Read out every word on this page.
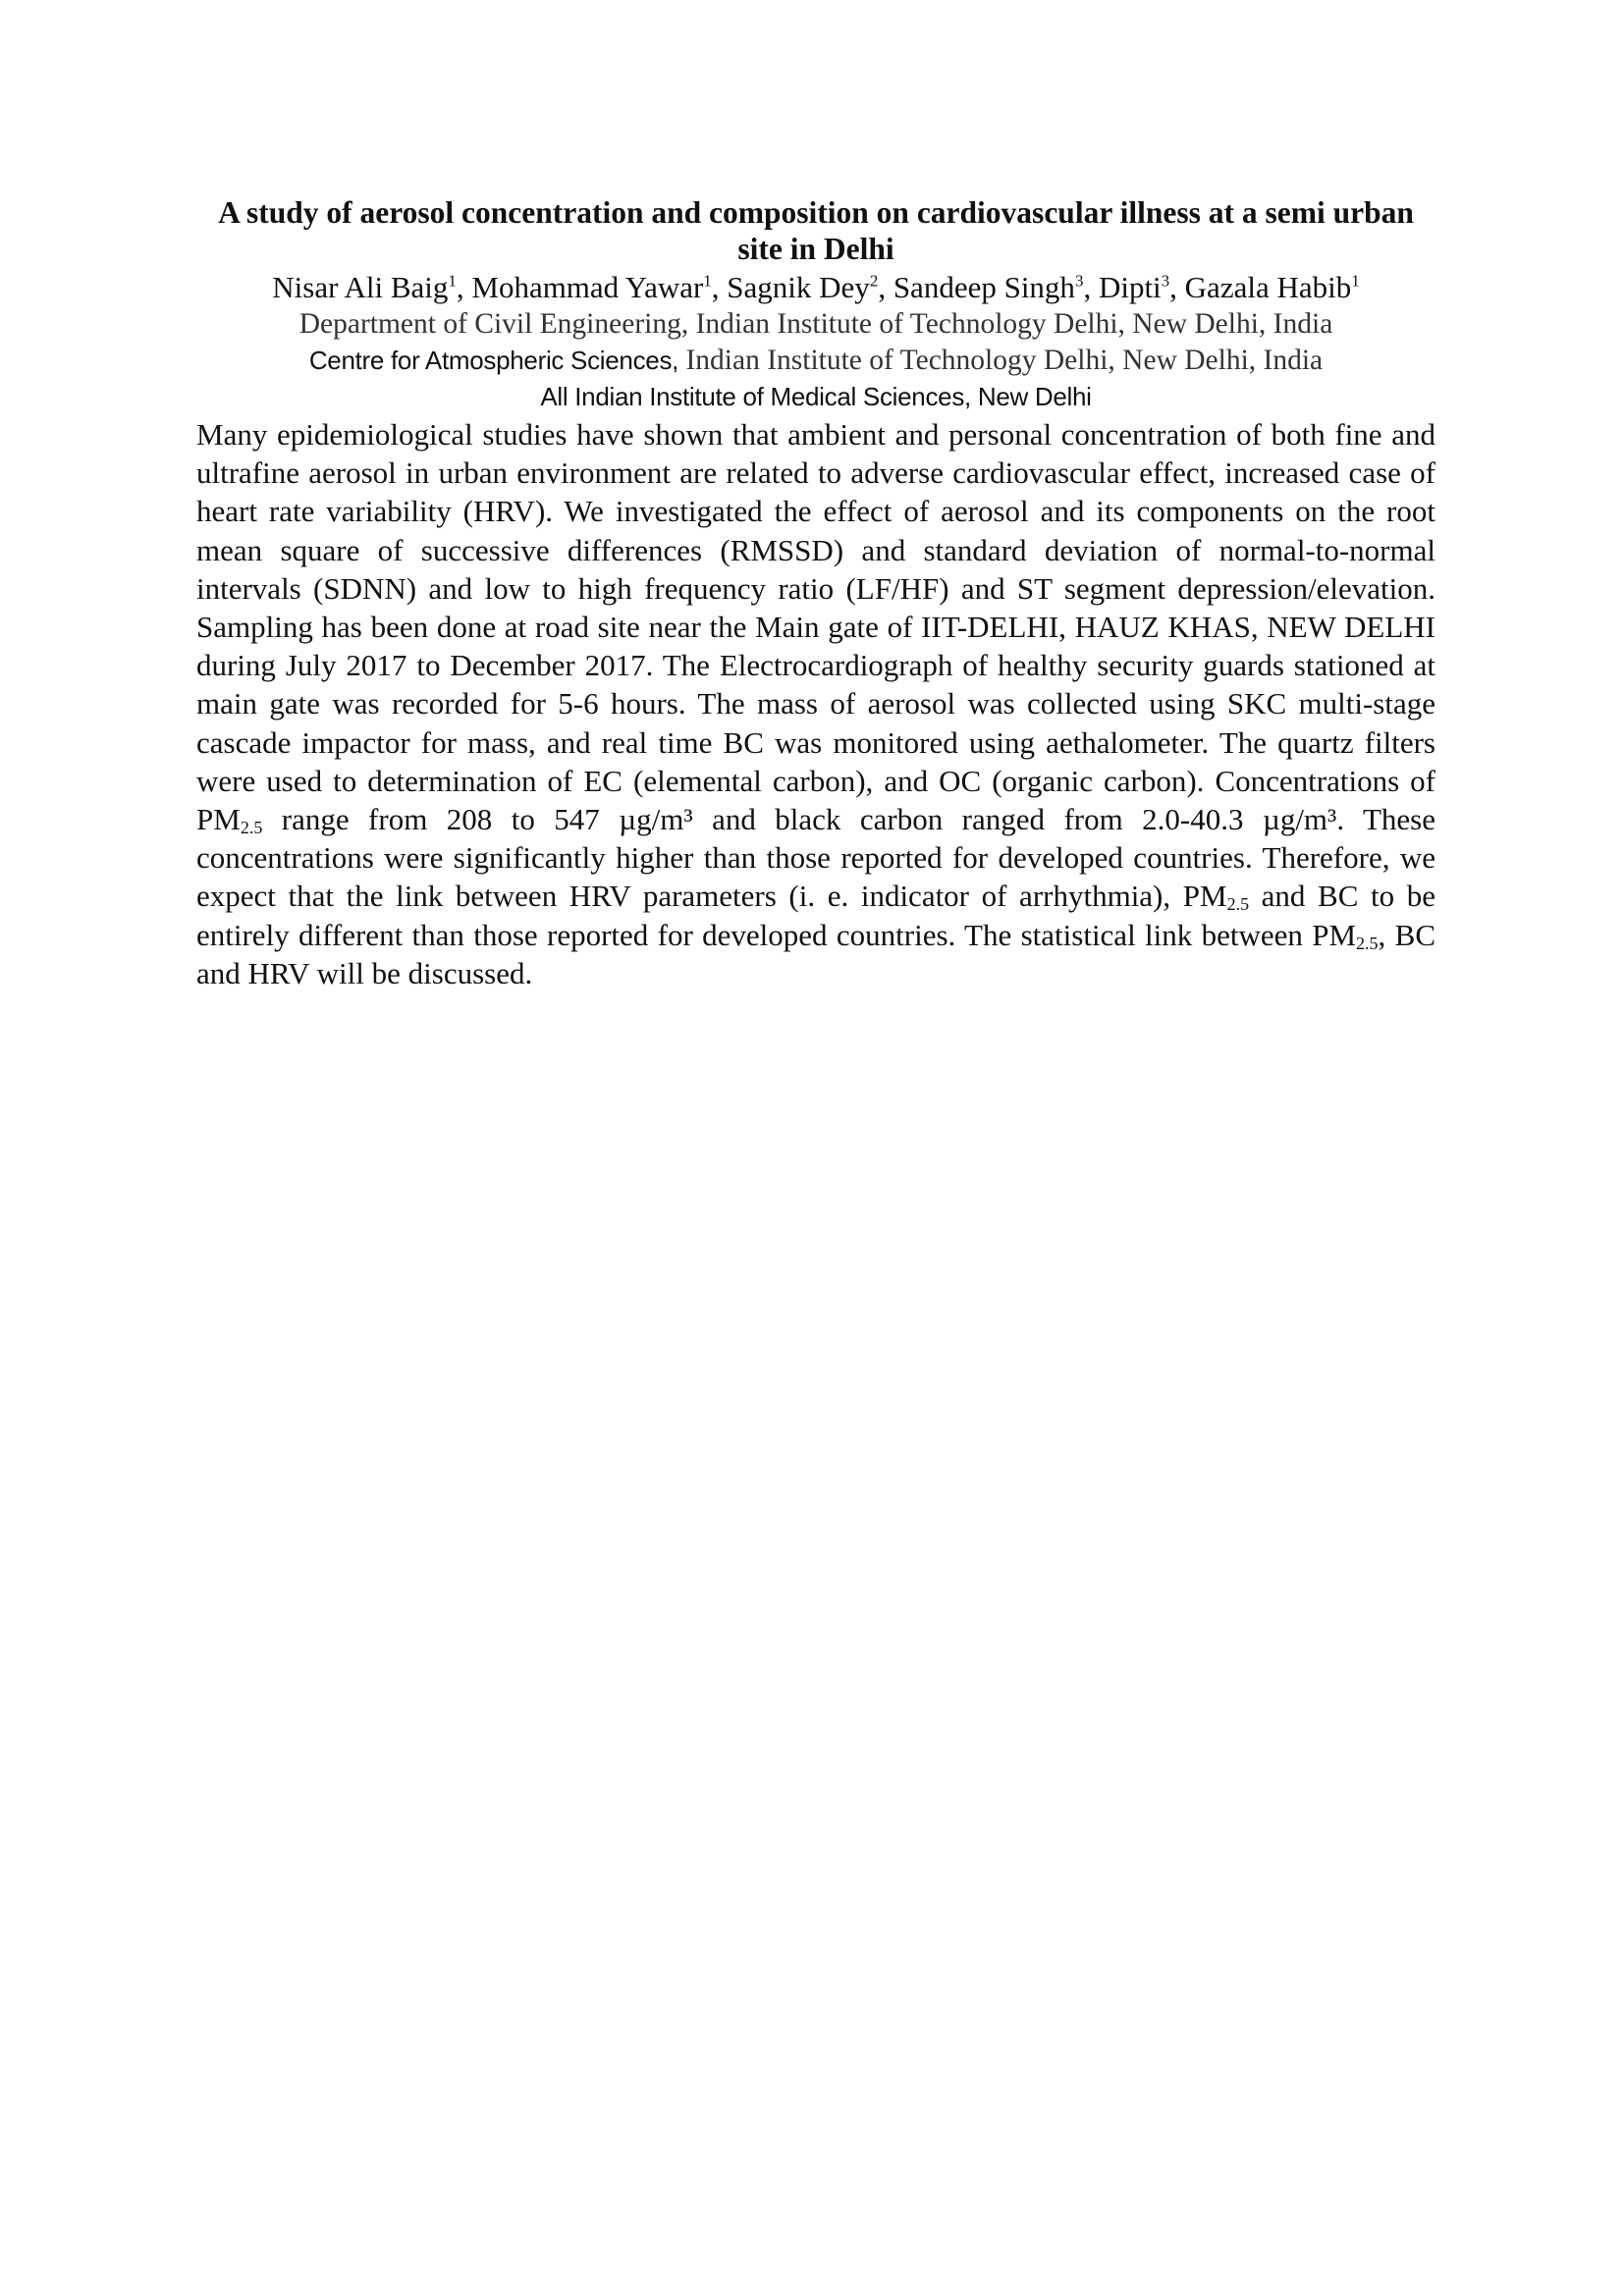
A study of aerosol concentration and composition on cardiovascular illness at a semi urban site in Delhi

Nisar Ali Baig$^1$, Mohammad Yawar$^1$, Sagnik Dey$^2$, Sandeep Singh$^3$, Dipti$^3$, Gazala Habib$^1$

Department of Civil Engineering, Indian Institute of Technology Delhi, New Delhi, India

Centre for Atmospheric Sciences, Indian Institute of Technology Delhi, New Delhi, India

All Indian Institute of Medical Sciences, New Delhi

Many epidemiological studies have shown that ambient and personal concentration of both fine and ultrafine aerosol in urban environment are related to adverse cardiovascular effect, increased case of heart rate variability (HRV). We investigated the effect of aerosol and its components on the root mean square of successive differences (RMSSD) and standard deviation of normal-to-normal intervals (SDNN) and low to high frequency ratio (LF/HF) and ST segment depression/elevation. Sampling has been done at road site near the Main gate of IIT-DELHI, HAUZ KHAS, NEW DELHI during July 2017 to December 2017. The Electrocardiograph of healthy security guards stationed at main gate was recorded for 5-6 hours. The mass of aerosol was collected using SKC multi-stage cascade impactor for mass, and real time BC was monitored using aethalometer. The quartz filters were used to determination of EC (elemental carbon), and OC (organic carbon). Concentrations of $PM_{2.5}$ range from 208 to 547 µg/m³ and black carbon ranged from 2.0-40.3 µg/m³. These concentrations were significantly higher than those reported for developed countries. Therefore, we expect that the link between HRV parameters (i. e. indicator of arrhythmia), $PM_{2.5}$ and BC to be entirely different than those reported for developed countries. The statistical link between $PM_{2.5}$, BC and HRV will be discussed.
